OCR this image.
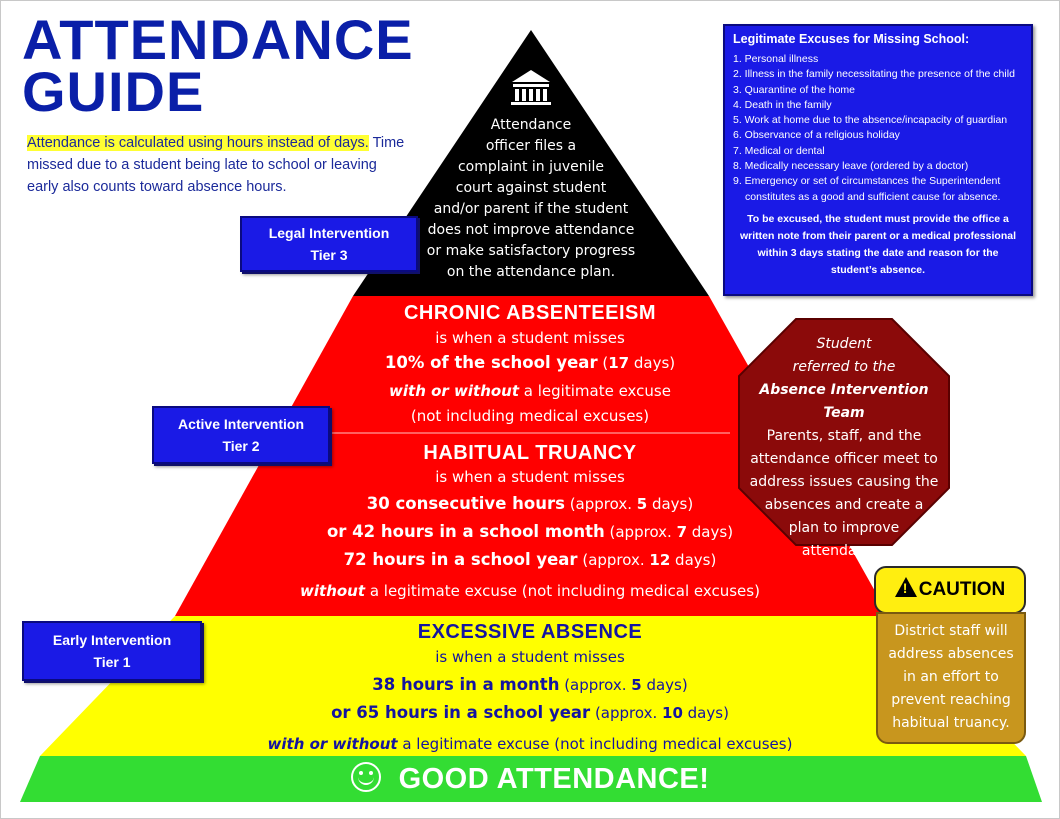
ATTENDANCE
GUIDE
Attendance is calculated using hours instead of days. Time missed due to a student being late to school or leaving early also counts toward absence hours.
Legitimate Excuses for Missing School:
1. Personal illness
2. Illness in the family necessitating the presence of the child
3. Quarantine of the home
4. Death in the family
5. Work at home due to the absence/incapacity of guardian
6. Observance of a religious holiday
7. Medical or dental
8. Medically necessary leave (ordered by a doctor)
9. Emergency or set of circumstances the Superintendent
constitutes as a good and sufficient cause for absence.
To be excused, the student must provide the office a written note from their parent or a medical professional within 3 days stating the date and reason for the student’s absence.
Legal Intervention
Tier 3
Active Intervention
Tier 2
Early Intervention
Tier 1
Attendance
officer files a
complaint in juvenile
court against student
and/or parent if the student
does not improve attendance
or make satisfactory progress
on the attendance plan.
CHRONIC ABSENTEEISM
is when a student misses
10% of the school year (17 days)
with or without a legitimate excuse
(not including medical excuses)
HABITUAL TRUANCY
is when a student misses
30 consecutive hours (approx. 5 days)
or 42 hours in a school month (approx. 7 days)
72 hours in a school year (approx. 12 days)
without a legitimate excuse (not including medical excuses)
EXCESSIVE ABSENCE
is when a student misses
38 hours in a month (approx. 5 days)
or 65 hours in a school year (approx. 10 days)
with or without a legitimate excuse (not including medical excuses)
Student
referred to the
Absence Intervention Team
Parents, staff, and the
attendance officer meet to
address issues causing the
absences and create a
plan to improve
attendance.
! CAUTION
District staff will
address absences
in an effort to
prevent reaching
habitual truancy.
GOOD ATTENDANCE!
